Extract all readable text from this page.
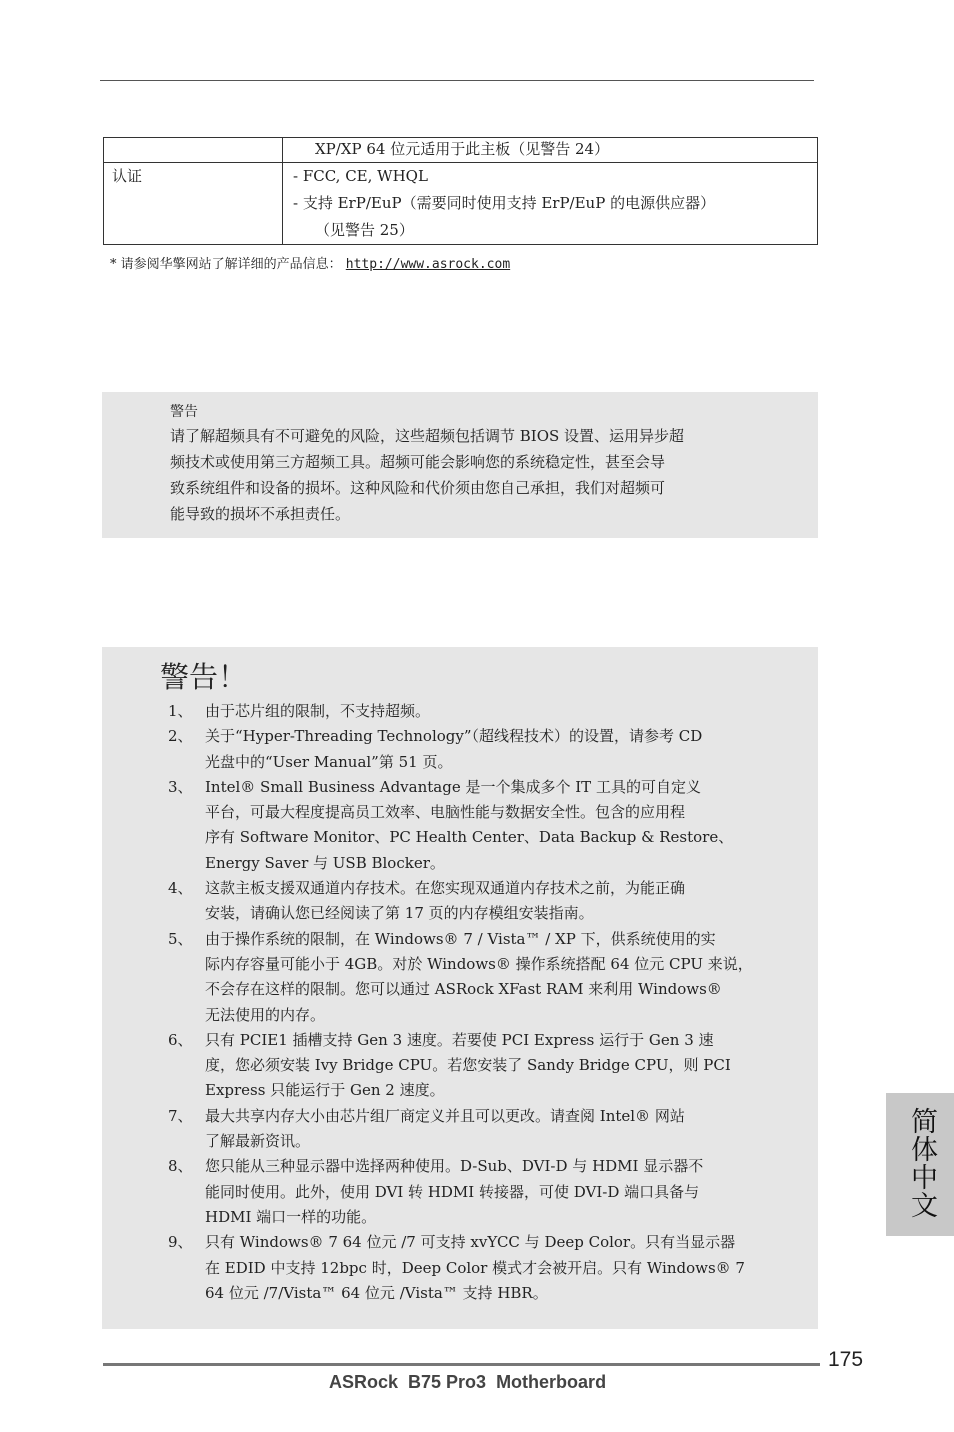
	XP/XP 64 位元适用于此主板（见警告 24）

认证	- FCC, CE, WHQL
- 支持 ErP/EuP（需要同时使用支持 ErP/EuP 的电源供应器）
（见警告 25）
* 请参阅华擎网站了解详细的产品信息： http://www.asrock.com
警告
请了解超频具有不可避免的风险，这些超频包括调节 BIOS 设置、运用异步超
频技术或使用第三方超频工具。超频可能会影响您的系统稳定性，甚至会导
致系统组件和设备的损坏。这种风险和代价须由您自己承担，我们对超频可
能导致的损坏不承担责任。
警告！
1、 由于芯片组的限制，不支持超频。
2、 关于“Hyper-Threading Technology”（超线程技术）的设置，请参考 CD
光盘中的“User Manual”第 51 页。
3、 Intel® Small Business Advantage 是一个集成多个 IT 工具的可自定义
平台，可最大程度提高员工效率、电脑性能与数据安全性。包含的应用程
序有 Software Monitor、PC Health Center、Data Backup & Restore、
Energy Saver 与 USB Blocker。
4、 这款主板支援双通道内存技术。在您实现双通道内存技术之前，为能正确
安装，请确认您已经阅读了第 17 页的内存模组安装指南。
5、 由于操作系统的限制，在 Windows® 7 / Vista™ / XP 下，供系统使用的实
际内存容量可能小于 4GB。对於 Windows® 操作系统搭配 64 位元 CPU 来说，
不会存在这样的限制。您可以通过 ASRock XFast RAM 来利用 Windows®
无法使用的内存。
6、 只有 PCIE1 插槽支持 Gen 3 速度。若要使 PCI Express 运行于 Gen 3 速
度，您必须安装 Ivy Bridge CPU。若您安装了 Sandy Bridge CPU，则 PCI
Express 只能运行于 Gen 2 速度。
7、 最大共享内存大小由芯片组厂商定义并且可以更改。请查阅 Intel® 网站
了解最新资讯。
8、 您只能从三种显示器中选择两种使用。D-Sub、DVI-D 与 HDMI 显示器不
能同时使用。此外，使用 DVI 转 HDMI 转接器，可使 DVI-D 端口具备与
HDMI 端口一样的功能。
9、 只有 Windows® 7 64 位元 /7 可支持 xvYCC 与 Deep Color。只有当显示器
在 EDID 中支持 12bpc 时，Deep Color 模式才会被开启。只有 Windows® 7
64 位元 /7/Vista™ 64 位元 /Vista™ 支持 HBR。
简体中文
175
ASRock  B75 Pro3  Motherboard
